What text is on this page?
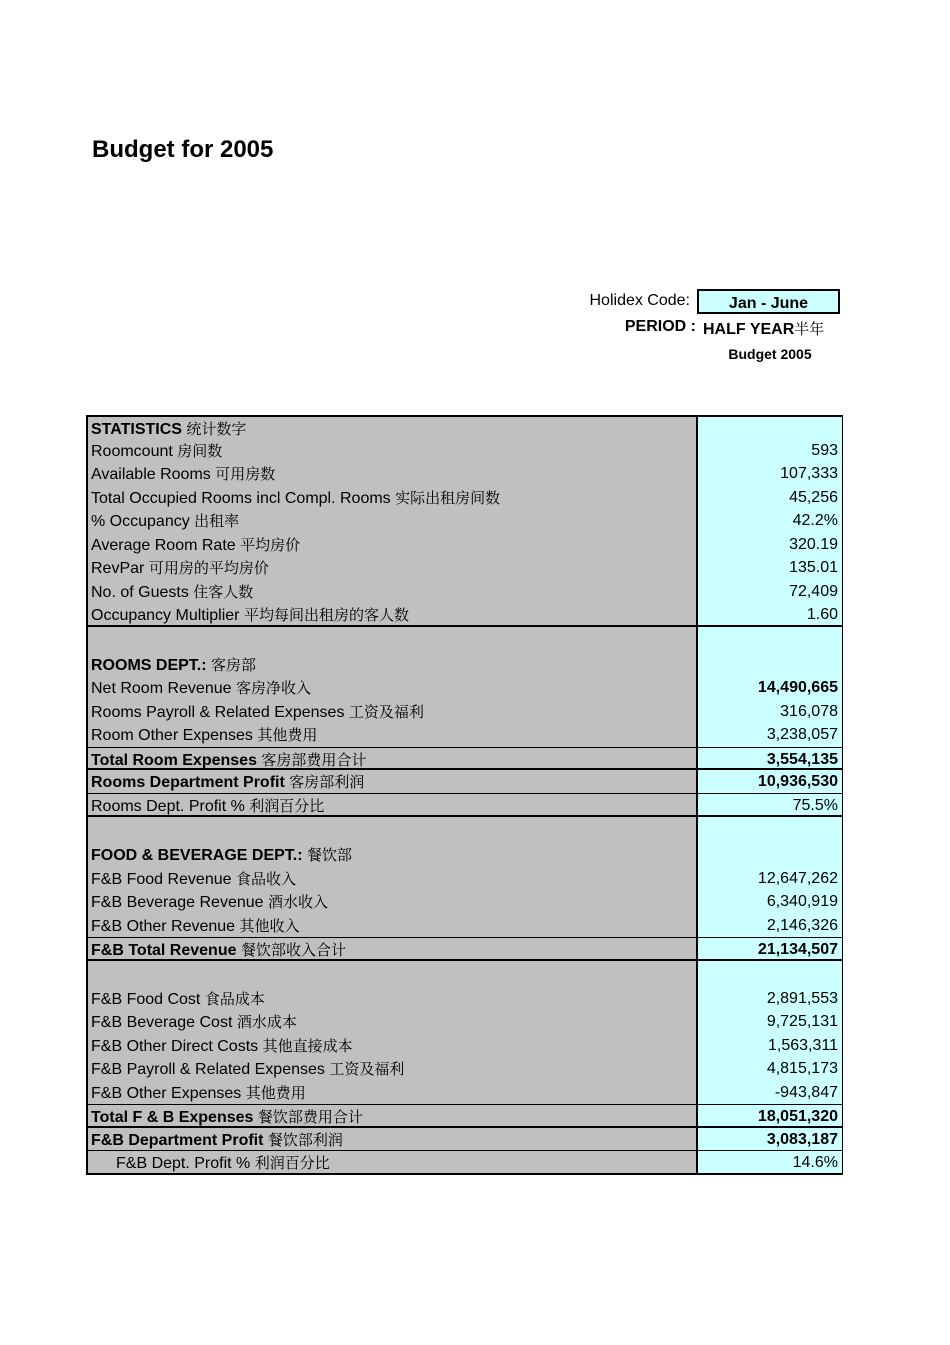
Budget for 2005
Holidex Code:	Jan - June
PERIOD : HALF YEAR半年
Budget 2005
STATISTICS 统计数字
Roomcount 房间数	593
Available Rooms 可用房数	107,333
Total Occupied Rooms incl Compl. Rooms 实际出租房间数	45,256
% Occupancy 出租率	42.2%
Average Room Rate 平均房价	320.19
RevPar 可用房的平均房价	135.01
No. of Guests 住客人数	72,409
Occupancy Multiplier 平均每间出租房的客人数	1.60
ROOMS DEPT.: 客房部
Net Room Revenue 客房净收入	14,490,665
Rooms Payroll & Related Expenses 工资及福利	316,078
Room Other Expenses 其他费用	3,238,057
Total Room Expenses 客房部费用合计	3,554,135
Rooms Department Profit 客房部利润	10,936,530
Rooms Dept. Profit % 利润百分比	75.5%
FOOD & BEVERAGE DEPT.: 餐饮部
F&B Food Revenue 食品收入	12,647,262
F&B Beverage Revenue 酒水收入	6,340,919
F&B Other Revenue 其他收入	2,146,326
F&B Total Revenue 餐饮部收入合计	21,134,507
F&B Food Cost 食品成本	2,891,553
F&B Beverage Cost 酒水成本	9,725,131
F&B Other Direct Costs 其他直接成本	1,563,311
F&B Payroll & Related Expenses 工资及福利	4,815,173
F&B Other Expenses 其他费用	-943,847
Total F & B Expenses 餐饮部费用合计	18,051,320
F&B Department Profit 餐饮部利润	3,083,187
F&B Dept. Profit % 利润百分比	14.6%
